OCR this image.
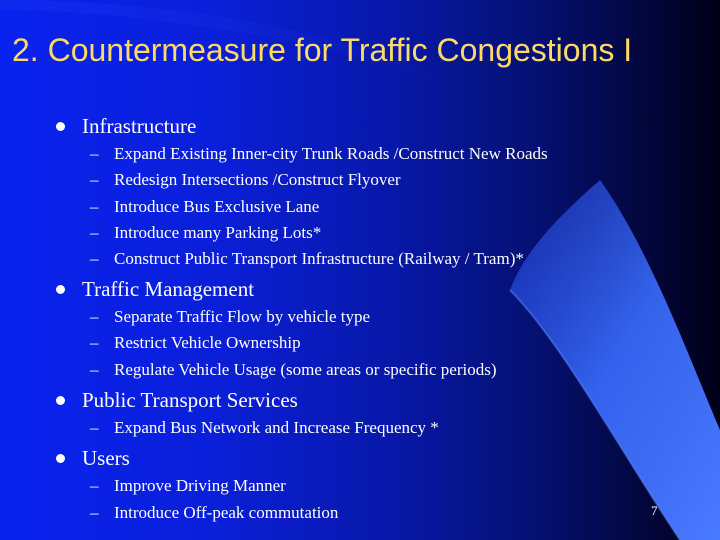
2. Countermeasure for Traffic Congestions I
Infrastructure
– Expand Existing Inner-city Trunk Roads /Construct New Roads
– Redesign Intersections /Construct Flyover
– Introduce Bus Exclusive Lane
– Introduce many Parking Lots*
– Construct Public Transport Infrastructure (Railway / Tram)*
Traffic Management
– Separate Traffic Flow by vehicle type
– Restrict Vehicle Ownership
– Regulate Vehicle Usage (some areas or specific periods)
Public Transport Services
– Expand Bus Network and Increase Frequency *
Users
– Improve Driving Manner
– Introduce Off-peak commutation	7
